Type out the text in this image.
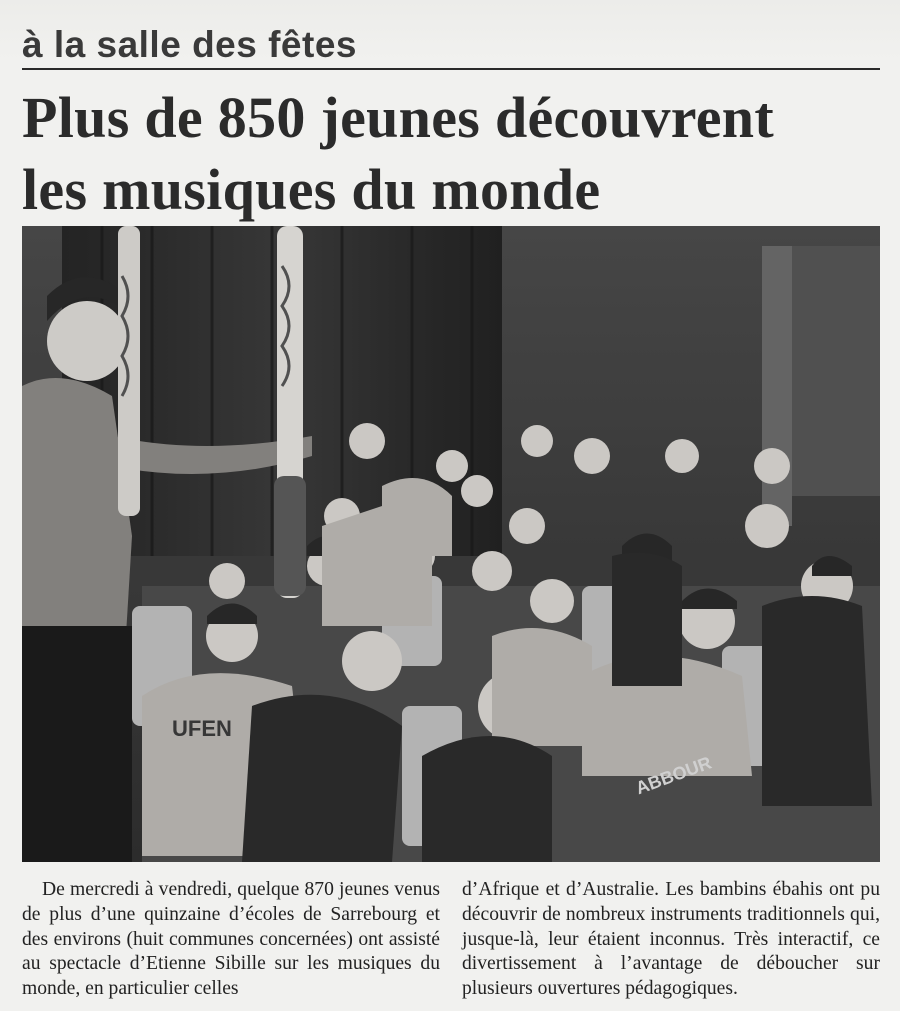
à la salle des fêtes
Plus de 850 jeunes découvrent
les musiques du monde
UFEN
ABBOUR

De mercredi à vendredi, quelque 870 jeunes venus de plus d’une quinzaine d’écoles de Sarrebourg et des environs (huit communes concernées) ont assisté au spectacle d’Etienne Sibille sur les musiques du monde, en particulier celles

d’Afrique et d’Australie. Les bambins ébahis ont pu découvrir de nombreux instruments traditionnels qui, jusque-là, leur étaient inconnus. Très interactif, ce divertissement à l’avantage de déboucher sur plusieurs ouvertures pédagogiques.
